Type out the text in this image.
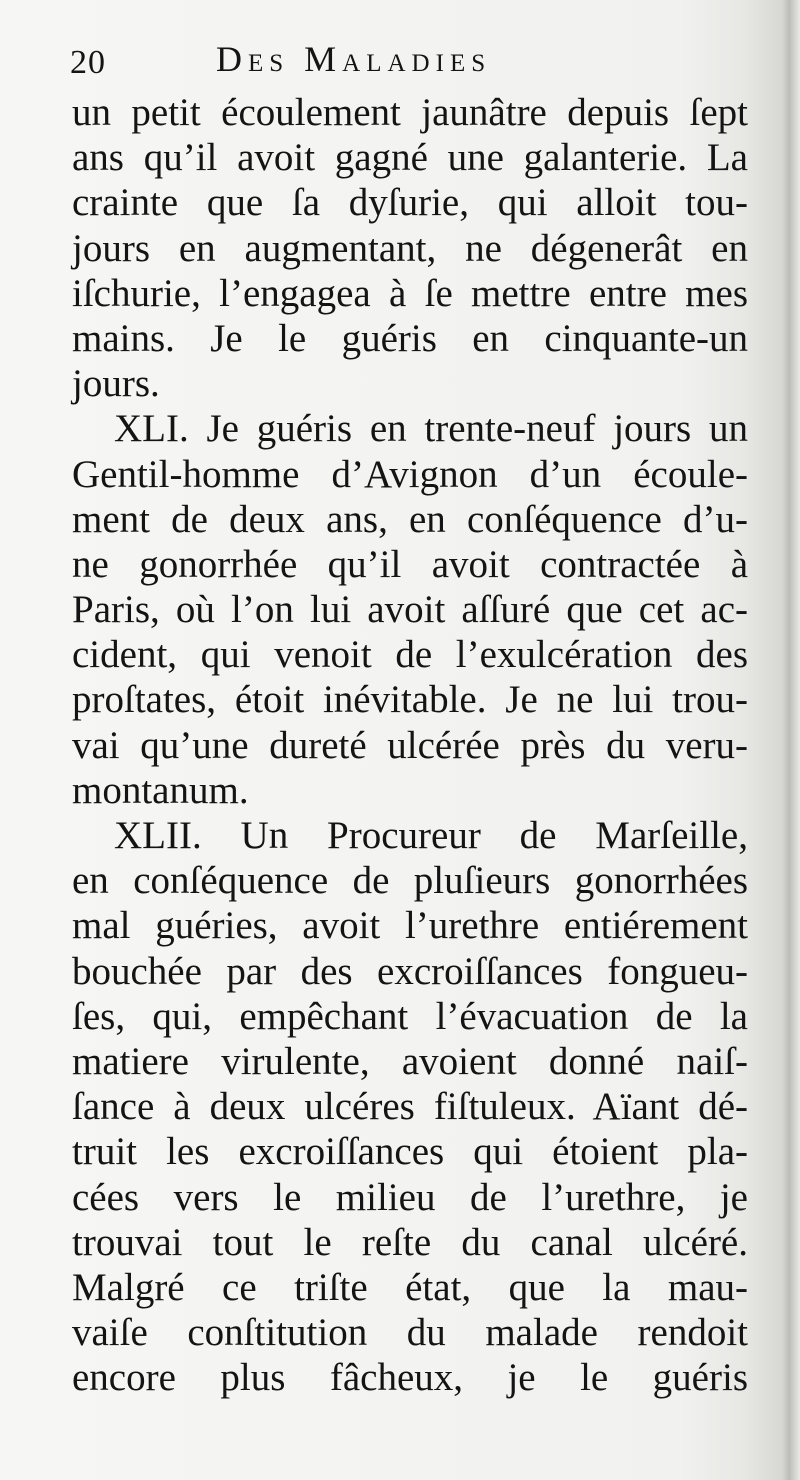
20	Des Maladies
un petit écoulement jaunâtre depuis ſept
ans qu’il avoit gagné une galanterie. La
crainte que ſa dyſurie, qui alloit tou-
jours en augmentant, ne dégenerât en
iſchurie, l’engagea à ſe mettre entre mes
mains. Je le guéris en cinquante-un
jours.
XLI. Je guéris en trente-neuf jours un
Gentil-homme d’Avignon d’un écoule-
ment de deux ans, en conſéquence d’u-
ne gonorrhée qu’il avoit contractée à
Paris, où l’on lui avoit aſſuré que cet ac-
cident, qui venoit de l’exulcération des
proſtates, étoit inévitable. Je ne lui trou-
vai qu’une dureté ulcérée près du veru-
montanum.
XLII. Un Procureur de Marſeille,
en conſéquence de pluſieurs gonorrhées
mal guéries, avoit l’urethre entiérement
bouchée par des excroiſſances fongueu-
ſes, qui, empêchant l’évacuation de la
matiere virulente, avoient donné naiſ-
ſance à deux ulcéres fiſtuleux. Aïant dé-
truit les excroiſſances qui étoient pla-
cées vers le milieu de l’urethre, je
trouvai tout le reſte du canal ulcéré.
Malgré ce triſte état, que la mau-
vaiſe conſtitution du malade rendoit
encore plus fâcheux, je le guéris
